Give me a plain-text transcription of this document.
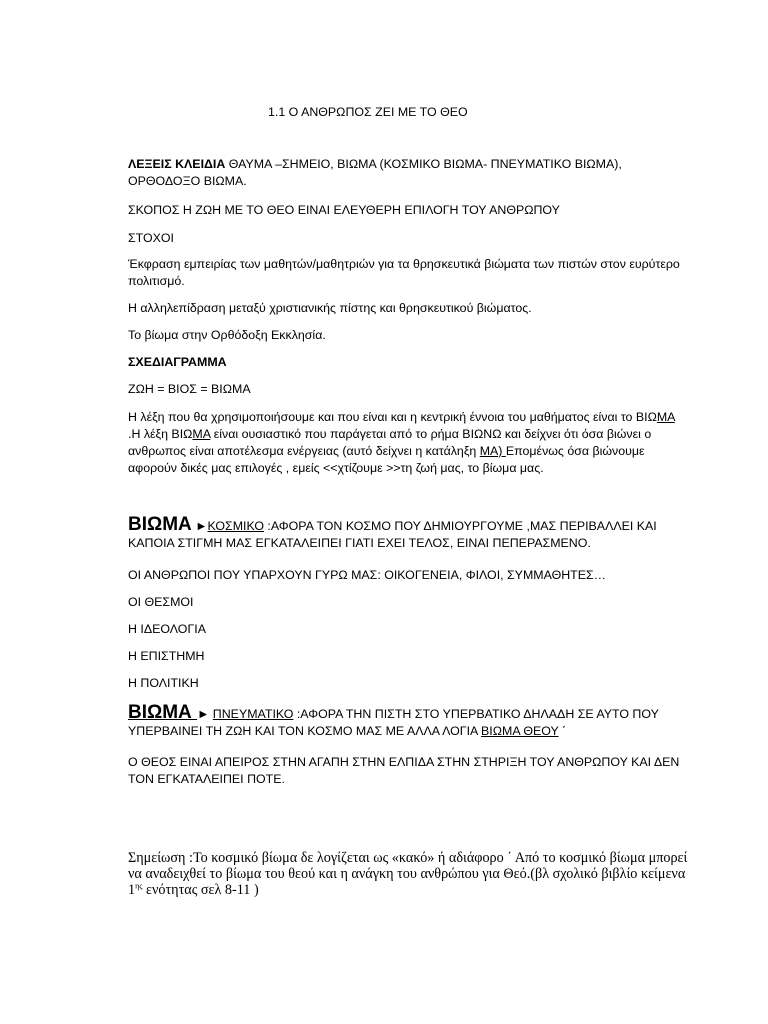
1.1 Ο ΑΝΘΡΩΠΟΣ ΖΕΙ ΜΕ ΤΟ ΘΕΟ

ΛΕΞΕΙΣ ΚΛΕΙΔΙΑ ΘΑΥΜΑ –ΣΗΜΕΙΟ, ΒΙΩΜΑ (ΚΟΣΜΙΚΟ ΒΙΩΜΑ- ΠΝΕΥΜΑΤΙΚΟ ΒΙΩΜΑ), ΟΡΘΟΔΟΞΟ ΒΙΩΜΑ.

ΣΚΟΠΟΣ Η ΖΩΗ ΜΕ ΤΟ ΘΕΟ ΕΙΝΑΙ ΕΛΕΥΘΕΡΗ ΕΠΙΛΟΓΗ ΤΟΥ ΑΝΘΡΩΠΟΥ

ΣΤΟΧΟΙ

Έκφραση εμπειρίας των μαθητών/μαθητριών για τα θρησκευτικά βιώματα των πιστών στον ευρύτερο πολιτισμό.

Η αλληλεπίδραση μεταξύ χριστιανικής πίστης και θρησκευτικού βιώματος.

Το βίωμα στην Ορθόδοξη Εκκλησία.

ΣΧΕΔΙΑΓΡΑΜΜΑ

ΖΩΗ = ΒΙΟΣ = ΒΙΩΜΑ

Η λέξη που θα χρησιμοποιήσουμε και που είναι και η κεντρική έννοια του μαθήματος είναι το ΒΙΩΜΑ .Η λέξη ΒΙΩΜΑ είναι ουσιαστικό που παράγεται από το ρήμα ΒΙΩΝΩ και δείχνει ότι όσα βιώνει ο ανθρωπος είναι αποτέλεσμα ενέργειας (αυτό δείχνει η κατάληξη ΜΑ) Επομένως όσα βιώνουμε αφορούν δικές μας επιλογές , εμείς <<χτίζουμε >>τη ζωή μας, το βίωμα μας.

ΒΙΩΜΑ ►ΚΟΣΜΙΚΟ :ΑΦΟΡΑ ΤΟΝ ΚΟΣΜΟ ΠΟΥ ΔΗΜΙΟΥΡΓΟΥΜΕ ,ΜΑΣ ΠΕΡΙΒΑΛΛΕΙ ΚΑΙ ΚΑΠΟΙΑ ΣΤΙΓΜΗ ΜΑΣ ΕΓΚΑΤΑΛΕΙΠΕΙ ΓΙΑΤΙ ΕΧΕΙ ΤΕΛΟΣ, ΕΙΝΑΙ ΠΕΠΕΡΑΣΜΕΝΟ.

ΟΙ ΑΝΘΡΩΠΟΙ ΠΟΥ ΥΠΑΡΧΟΥΝ ΓΥΡΩ ΜΑΣ: ΟΙΚΟΓΕΝΕΙΑ, ΦΙΛΟΙ, ΣΥΜΜΑΘΗΤΕΣ…

ΟΙ ΘΕΣΜΟΙ

Η ΙΔΕΟΛΟΓΙΑ

Η ΕΠΙΣΤΗΜΗ

Η ΠΟΛΙΤΙΚΗ

ΒΙΩΜΑ ► ΠΝΕΥΜΑΤΙΚΟ :ΑΦΟΡΑ ΤΗΝ ΠΙΣΤΗ ΣΤΟ ΥΠΕΡΒΑΤΙΚΟ ΔΗΛΑΔΗ ΣΕ ΑΥΤΟ ΠΟΥ ΥΠΕΡΒΑΙΝΕΙ ΤΗ ΖΩΗ ΚΑΙ ΤΟΝ ΚΟΣΜΟ ΜΑΣ ΜΕ ΑΛΛΑ ΛΟΓΙΑ ΒΙΩΜΑ ΘΕΟΥ ΄

Ο ΘΕΟΣ ΕΙΝΑΙ ΑΠΕΙΡΟΣ ΣΤΗΝ ΑΓΑΠΗ ΣΤΗΝ ΕΛΠΙΔΑ ΣΤΗΝ ΣΤΗΡΙΞΗ ΤΟΥ ΑΝΘΡΩΠΟΥ ΚΑΙ ΔΕΝ ΤΟΝ ΕΓΚΑΤΑΛΕΙΠΕΙ ΠΟΤΕ.

Σημείωση :Το κοσμικό βίωμα δε λογίζεται ως «κακό» ή αδιάφορο ΄ Από το κοσμικό βίωμα μπορεί να αναδειχθεί το βίωμα του θεού και η ανάγκη του ανθρώπου για Θεό.(βλ σχολικό βιβλίο κείμενα $1^{\eta\varsigma}$ ενότητας σελ 8-11 )
